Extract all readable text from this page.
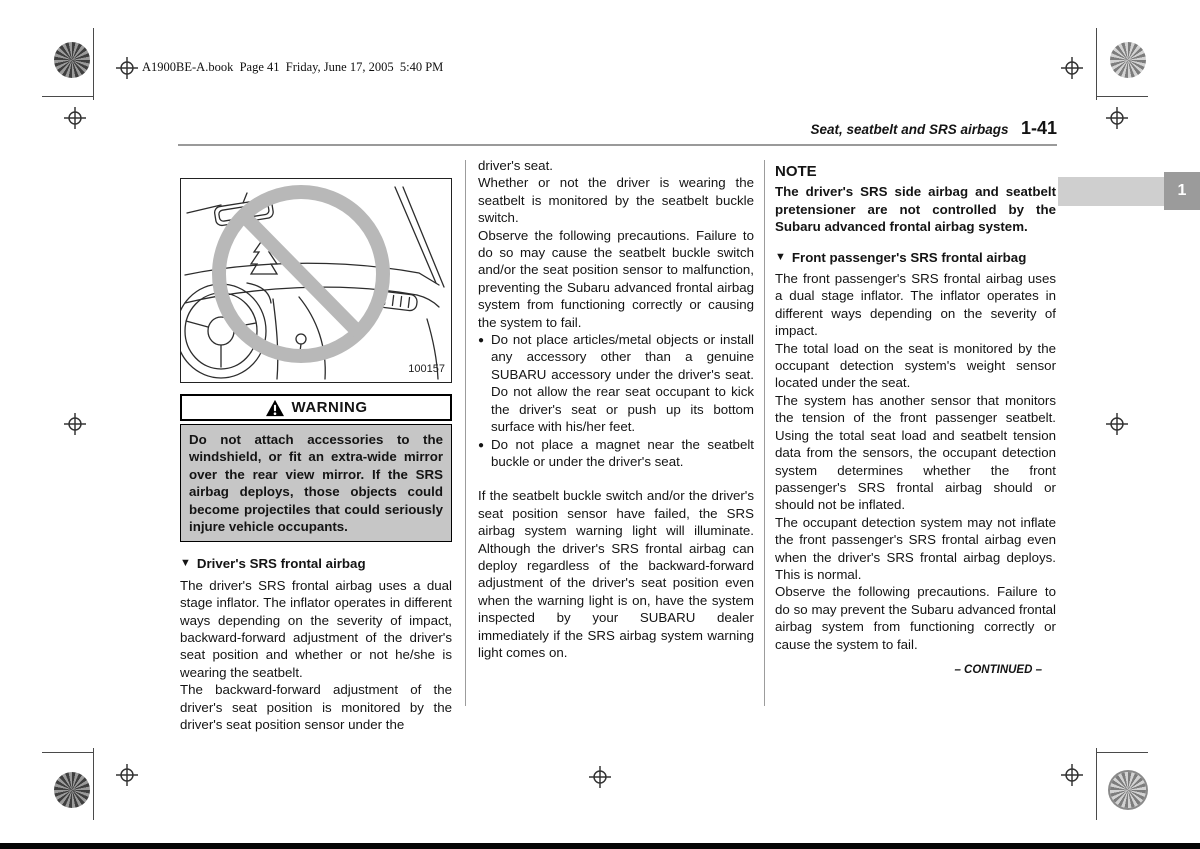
A1900BE-A.book  Page 41  Friday, June 17, 2005  5:40 PM
Seat, seatbelt and SRS airbags 1-41
1
100157
WARNING
Do not attach accessories to the windshield, or fit an extra-wide mirror over the rear view mirror. If the SRS airbag deploys, those objects could become projectiles that could seriously injure vehicle occupants.
▼ Driver's SRS frontal airbag

The driver's SRS frontal airbag uses a dual stage inflator. The inflator operates in different ways depending on the severity of impact, backward-forward adjustment of the driver's seat position and whether or not he/she is wearing the seatbelt.

The backward-forward adjustment of the driver's seat position is monitored by the driver's seat position sensor under the

driver's seat.

Whether or not the driver is wearing the seatbelt is monitored by the seatbelt buckle switch.

Observe the following precautions. Failure to do so may cause the seatbelt buckle switch and/or the seat position sensor to malfunction, preventing the Subaru advanced frontal airbag system from functioning correctly or causing the system to fail.

● Do not place articles/metal objects or install any accessory other than a genuine SUBARU accessory under the driver's seat. Do not allow the rear seat occupant to kick the driver's seat or push up its bottom surface with his/her feet.
● Do not place a magnet near the seatbelt buckle or under the driver's seat.

If the seatbelt buckle switch and/or the driver's seat position sensor have failed, the SRS airbag system warning light will illuminate. Although the driver's SRS frontal airbag can deploy regardless of the backward-forward adjustment of the driver's seat position even when the warning light is on, have the system inspected by your SUBARU dealer immediately if the SRS airbag system warning light comes on.

NOTE

The driver's SRS side airbag and seatbelt pretensioner are not controlled by the Subaru advanced frontal airbag system.

▼ Front passenger's SRS frontal airbag

The front passenger's SRS frontal airbag uses a dual stage inflator. The inflator operates in different ways depending on the severity of impact.

The total load on the seat is monitored by the occupant detection system's weight sensor located under the seat.

The system has another sensor that monitors the tension of the front passenger seatbelt. Using the total seat load and seatbelt tension data from the sensors, the occupant detection system determines whether the front passenger's SRS frontal airbag should or should not be inflated.

The occupant detection system may not inflate the front passenger's SRS frontal airbag even when the driver's SRS frontal airbag deploys. This is normal.

Observe the following precautions. Failure to do so may prevent the Subaru advanced frontal airbag system from functioning correctly or cause the system to fail.

– CONTINUED –
